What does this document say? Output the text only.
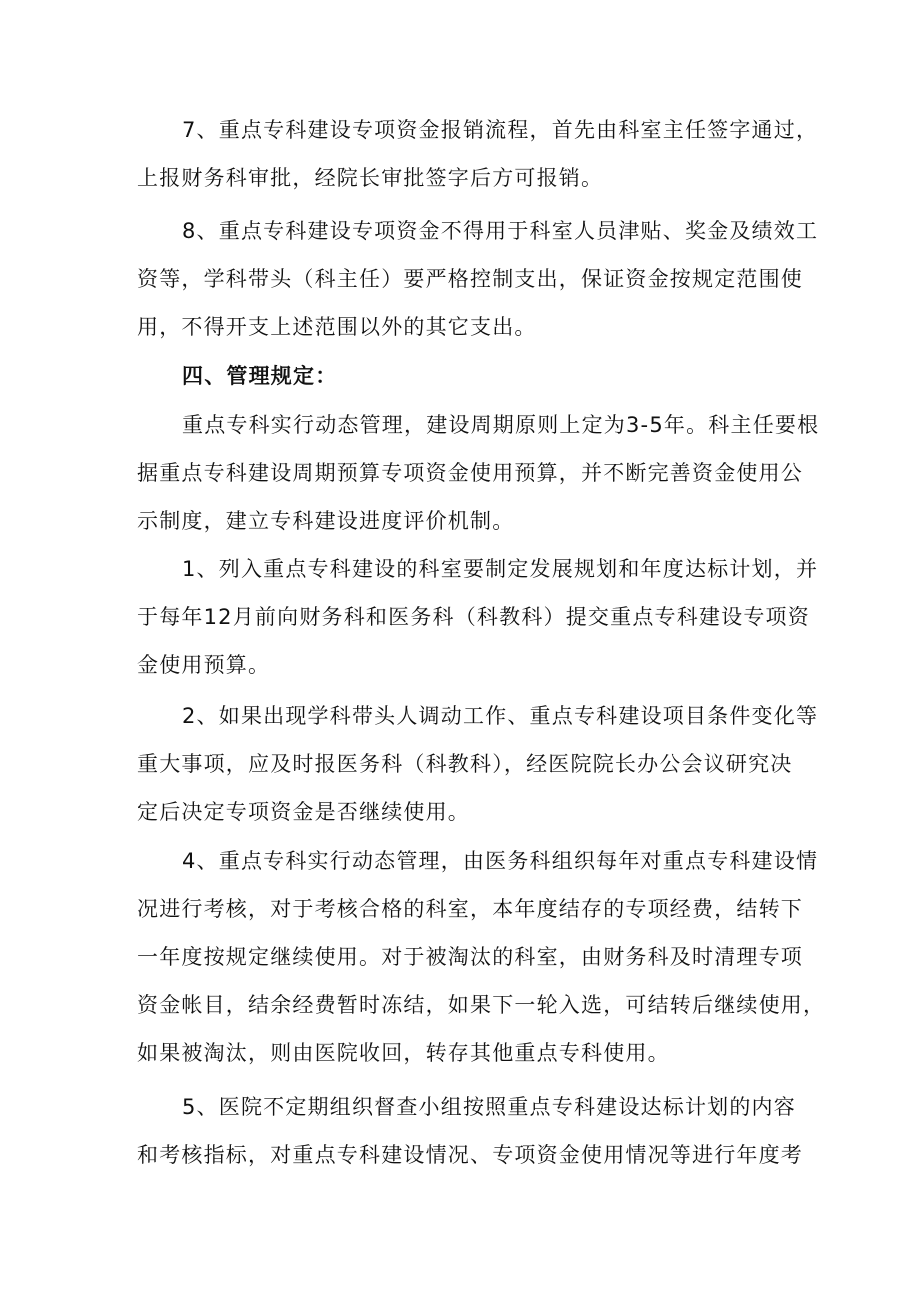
7、重点专科建设专项资金报销流程，首先由科室主任签字通过，
上报财务科审批，经院长审批签字后方可报销。
8、重点专科建设专项资金不得用于科室人员津贴、奖金及绩效工
资等，学科带头（科主任）要严格控制支出，保证资金按规定范围使
用，不得开支上述范围以外的其它支出。
四、管理规定：
重点专科实行动态管理，建设周期原则上定为3-5年。科主任要根
据重点专科建设周期预算专项资金使用预算，并不断完善资金使用公
示制度，建立专科建设进度评价机制。
1、列入重点专科建设的科室要制定发展规划和年度达标计划，并
于每年12月前向财务科和医务科（科教科）提交重点专科建设专项资
金使用预算。
2、如果出现学科带头人调动工作、重点专科建设项目条件变化等
重大事项，应及时报医务科（科教科），经医院院长办公会议研究决
定后决定专项资金是否继续使用。
4、重点专科实行动态管理，由医务科组织每年对重点专科建设情
况进行考核，对于考核合格的科室，本年度结存的专项经费，结转下
一年度按规定继续使用。对于被淘汰的科室，由财务科及时清理专项
资金帐目，结余经费暂时冻结，如果下一轮入选，可结转后继续使用，
如果被淘汰，则由医院收回，转存其他重点专科使用。
5、医院不定期组织督查小组按照重点专科建设达标计划的内容
和考核指标，对重点专科建设情况、专项资金使用情况等进行年度考
